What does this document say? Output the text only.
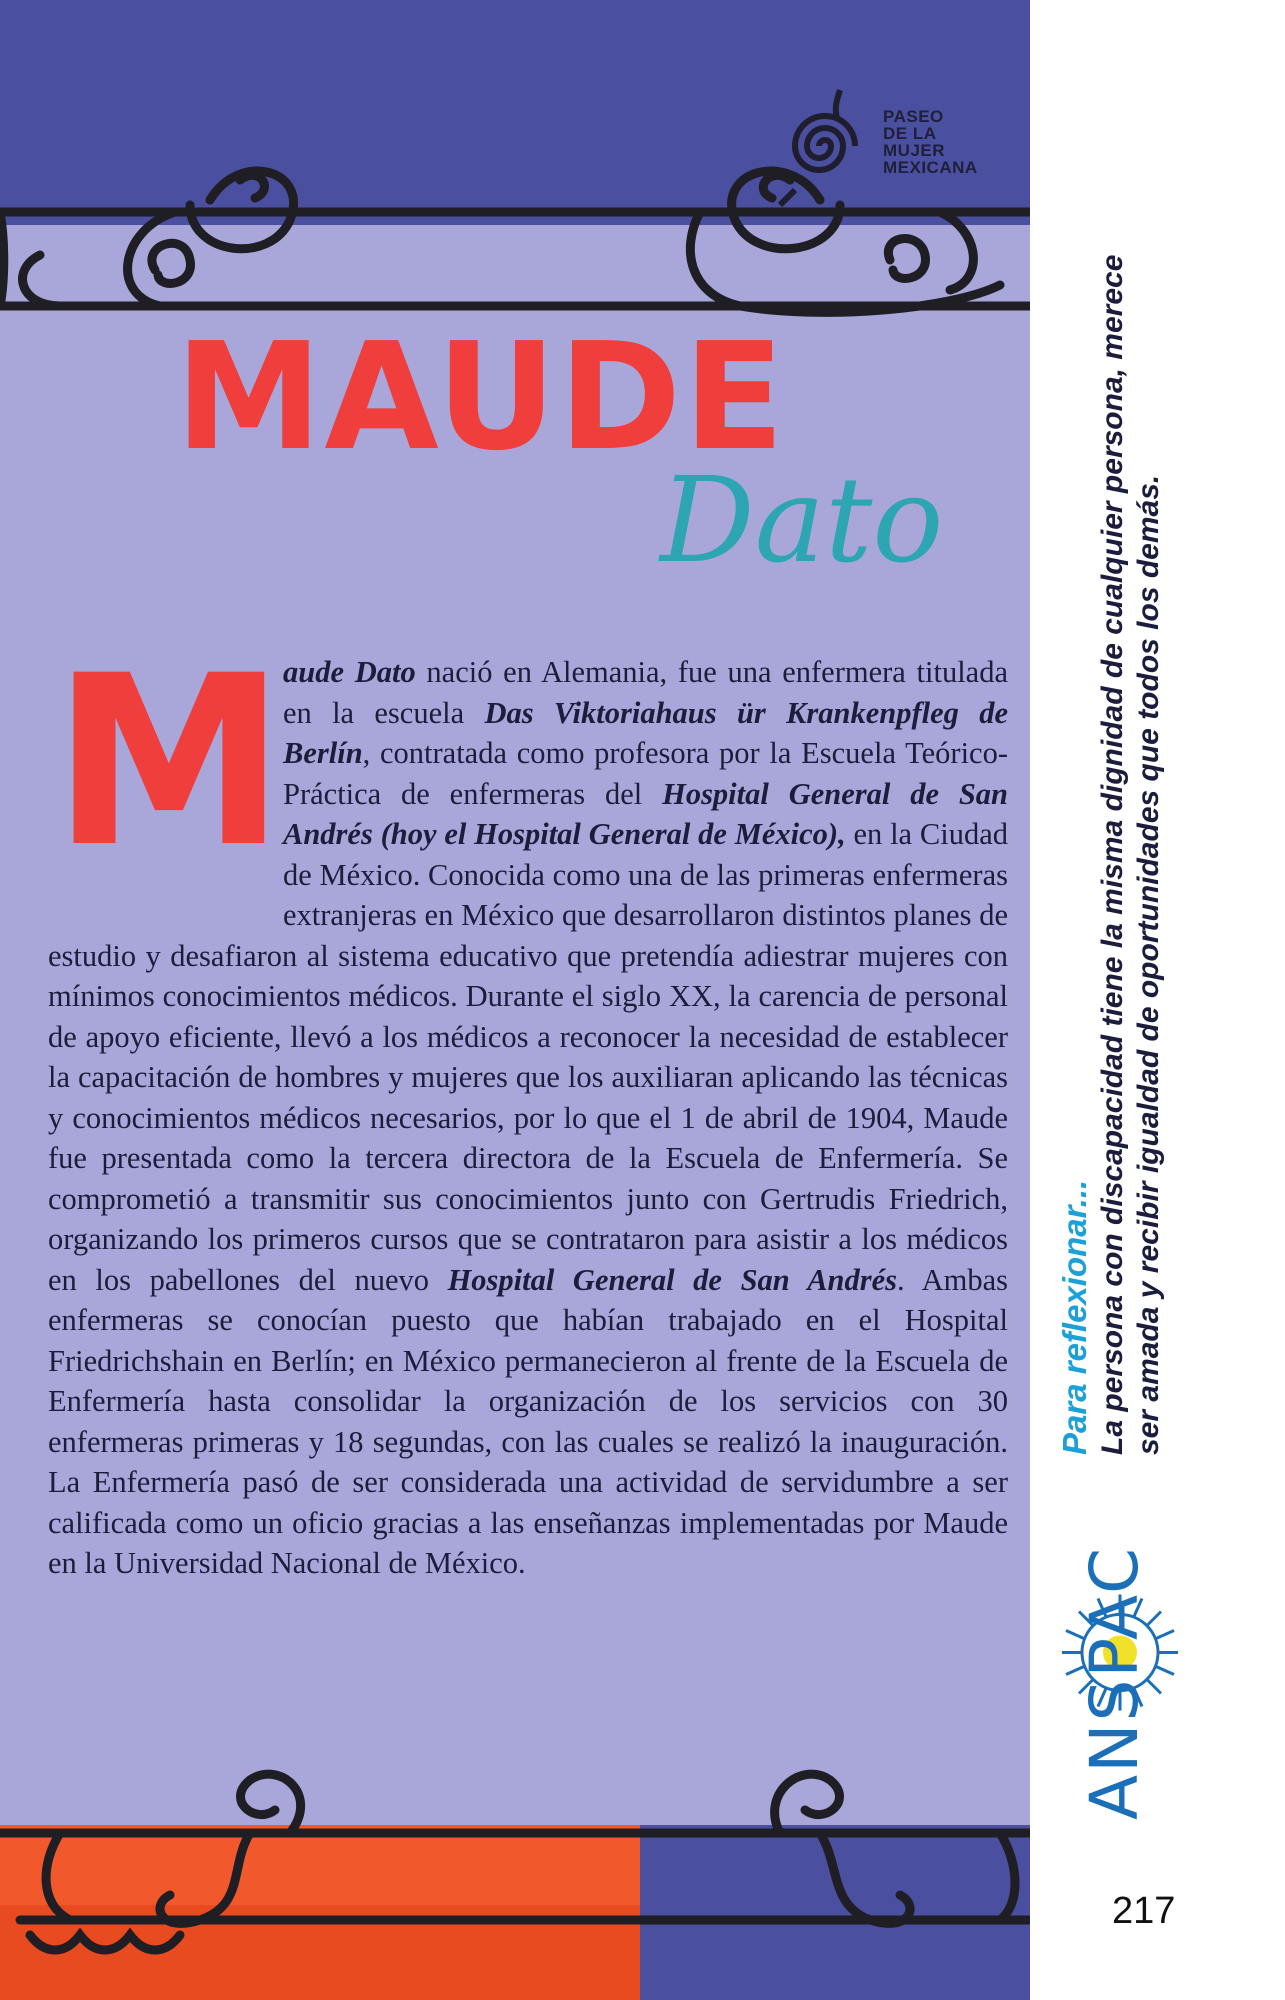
PASEO
DE LA
MUJER
MEXICANA
MAUDE
Dato
M
aude Dato nació en Alemania, fue una enfermera titulada en la escuela Das Viktoriahaus ür Krankenpfleg de Berlín, contratada como profesora por la Escuela Teórico-Práctica de enfermeras del Hospital General de San Andrés (hoy el Hospital General de México), en la Ciudad de México. Conocida como una de las primeras enfermeras extranjeras en México que desarrollaron distintos planes de estudio y desafiaron al sistema educativo que pretendía adiestrar mujeres con mínimos conocimientos médicos. Durante el siglo XX, la carencia de personal de apoyo eficiente, llevó a los médicos a reconocer la necesidad de establecer la capacitación de hombres y mujeres que los auxiliaran aplicando las técnicas y conocimientos médicos necesarios, por lo que el 1 de abril de 1904, Maude fue presentada como la tercera directora de la Escuela de Enfermería. Se comprometió a transmitir sus conocimientos junto con Gertrudis Friedrich, organizando los primeros cursos que se contrataron para asistir a los médicos en los pabellones del nuevo Hospital General de San Andrés. Ambas enfermeras se conocían puesto que habían trabajado en el Hospital Friedrichshain en Berlín; en México permanecieron al frente de la Escuela de Enfermería hasta consolidar la organización de los servicios con 30 enfermeras primeras y 18 segundas, con las cuales se realizó la inauguración. La Enfermería pasó de ser considerada una actividad de servidumbre a ser calificada como un oficio gracias a las enseñanzas implementadas por Maude en la Universidad Nacional de México.
Para reflexionar... La persona con discapacidad tiene la misma dignidad de cualquier persona, merece ser amada y recibir igualdad de oportunidades que todos los demás.
ANSPAC
217
